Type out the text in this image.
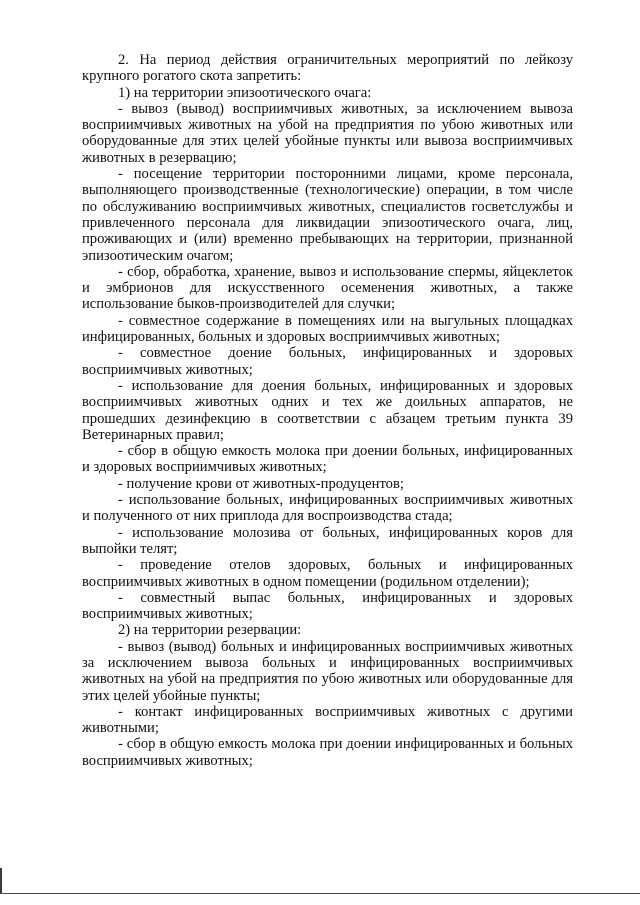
2. На период действия ограничительных мероприятий по лейкозу крупного рогатого скота запретить:

1) на территории эпизоотического очага:

- вывоз (вывод) восприимчивых животных, за исключением вывоза восприимчивых животных на убой на предприятия по убою животных или оборудованные для этих целей убойные пункты или вывоза восприимчивых животных в резервацию;

- посещение территории посторонними лицами, кроме персонала, выполняющего производственные (технологические) операции, в том числе по обслуживанию восприимчивых животных, специалистов госветслужбы и привлеченного персонала для ликвидации эпизоотического очага, лиц, проживающих и (или) временно пребывающих на территории, признанной эпизоотическим очагом;

- сбор, обработка, хранение, вывоз и использование спермы, яйцеклеток и эмбрионов для искусственного осеменения животных, а также использование быков-производителей для случки;

- совместное содержание в помещениях или на выгульных площадках инфицированных, больных и здоровых восприимчивых животных;

- совместное доение больных, инфицированных и здоровых восприимчивых животных;

- использование для доения больных, инфицированных и здоровых восприимчивых животных одних и тех же доильных аппаратов, не прошедших дезинфекцию в соответствии с абзацем третьим пункта 39 Ветеринарных правил;

- сбор в общую емкость молока при доении больных, инфицированных и здоровых восприимчивых животных;

- получение крови от животных-продуцентов;

- использование больных, инфицированных восприимчивых животных и полученного от них приплода для воспроизводства стада;

- использование молозива от больных, инфицированных коров для выпойки телят;

- проведение отелов здоровых, больных и инфицированных восприимчивых животных в одном помещении (родильном отделении);

- совместный выпас больных, инфицированных и здоровых восприимчивых животных;

2) на территории резервации:

- вывоз (вывод) больных и инфицированных восприимчивых животных за исключением вывоза больных и инфицированных восприимчивых животных на убой на предприятия по убою животных или оборудованные для этих целей убойные пункты;

- контакт инфицированных восприимчивых животных с другими животными;

- сбор в общую емкость молока при доении инфицированных и больных восприимчивых животных;
